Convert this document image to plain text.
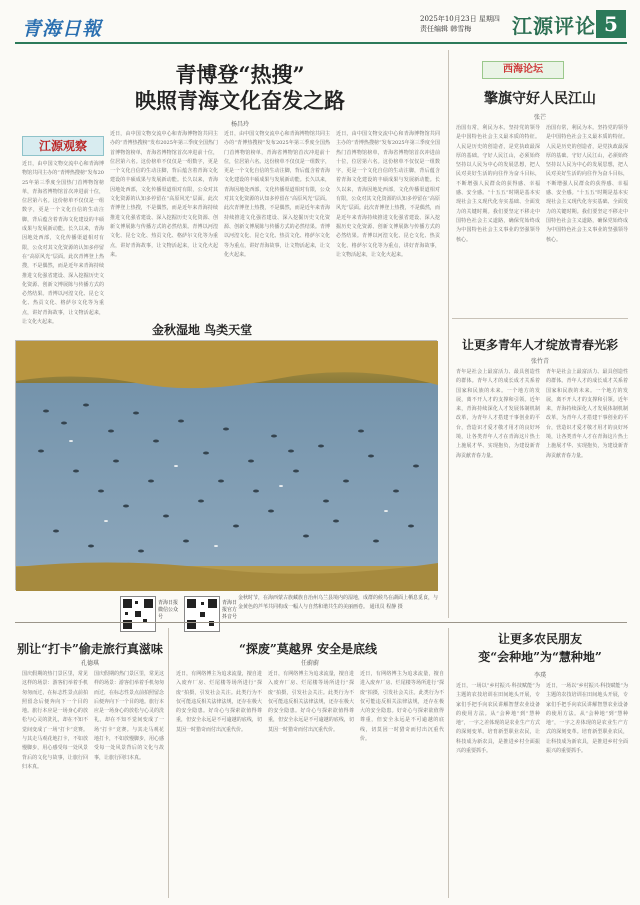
青海日報	2025年10月23日 星期四
责任编辑 韩雪梅	江源评论 5
青博登“热搜”
映照青海文化奋发之路
杨昌玲
江源观察
近日，由中国文物交流中心和青海博物馆共同主办的“青博热搜榜”发布2025年第三季度全国热门首博物馆榜单，青海省博物馆首次冲进前十位，位居第六名。这份榜单不仅仅是一组数字，更是一个文化自信的生动注脚，背后蕴含着青海文化建设的丰硕成果与发展新动能。长久以来，青海因地处西部，文化传播渠道相对有限，公众对其文化资源的认知多停留在“高原风光”层面。此次青博登上热搜，不是偶然，而是近年来青海持续推进文化强省建设、深入挖掘历史文化资源、创新文博展陈与传播方式的必然结果。青博以河湟文化、昆仑文化、热贡文化、格萨尔文化等为重点，讲好青海故事，让文物活起来，让文化火起来。
近日，由中国文物交流中心和青海博物馆共同主办的“青博热搜榜”发布2025年第三季度全国热门首博物馆榜单，青海省博物馆首次冲进前十位，位居第六名。这份榜单不仅仅是一组数字，更是一个文化自信的生动注脚，背后蕴含着青海文化建设的丰硕成果与发展新动能。长久以来，青海因地处西部，文化传播渠道相对有限，公众对其文化资源的认知多停留在“高原风光”层面。此次青博登上热搜，不是偶然，而是近年来青海持续推进文化强省建设、深入挖掘历史文化资源、创新文博展陈与传播方式的必然结果。青博以河湟文化、昆仑文化、热贡文化、格萨尔文化等为重点，讲好青海故事，让文物活起来，让文化火起来。
近日，由中国文物交流中心和青海博物馆共同主办的“青博热搜榜”发布2025年第三季度全国热门首博物馆榜单，青海省博物馆首次冲进前十位，位居第六名。这份榜单不仅仅是一组数字，更是一个文化自信的生动注脚，背后蕴含着青海文化建设的丰硕成果与发展新动能。长久以来，青海因地处西部，文化传播渠道相对有限，公众对其文化资源的认知多停留在“高原风光”层面。此次青博登上热搜，不是偶然，而是近年来青海持续推进文化强省建设、深入挖掘历史文化资源、创新文博展陈与传播方式的必然结果。青博以河湟文化、昆仑文化、热贡文化、格萨尔文化等为重点，讲好青海故事，让文物活起来，让文化火起来。
近日，由中国文物交流中心和青海博物馆共同主办的“青博热搜榜”发布2025年第三季度全国热门首博物馆榜单，青海省博物馆首次冲进前十位，位居第六名。这份榜单不仅仅是一组数字，更是一个文化自信的生动注脚，背后蕴含着青海文化建设的丰硕成果与发展新动能。长久以来，青海因地处西部，文化传播渠道相对有限，公众对其文化资源的认知多停留在“高原风光”层面。此次青博登上热搜，不是偶然，而是近年来青海持续推进文化强省建设、深入挖掘历史文化资源、创新文博展陈与传播方式的必然结果。青博以河湟文化、昆仑文化、热贡文化、格萨尔文化等为重点，讲好青海故事，让文物活起来，让文化火起来。
西海论坛
擎旗守好人民江山
张芒
治国有常，利民为本。坚持党的领导是中国特色社会主义最本质的特征。人民是历史的创造者，是党执政最深厚的基础。守好人民江山，必须始终坚持以人民为中心的发展思想，把人民对美好生活的向往作为奋斗目标，不断增强人民群众的获得感、幸福感、安全感。“十五五”时期是基本实现社会主义现代化夯实基础、全面发力的关键时期。我们要坚定不移走中国特色社会主义道路，确保党始终成为中国特色社会主义事业的坚强领导核心。
治国有常，利民为本。坚持党的领导是中国特色社会主义最本质的特征。人民是历史的创造者，是党执政最深厚的基础。守好人民江山，必须始终坚持以人民为中心的发展思想，把人民对美好生活的向往作为奋斗目标，不断增强人民群众的获得感、幸福感、安全感。“十五五”时期是基本实现社会主义现代化夯实基础、全面发力的关键时期。我们要坚定不移走中国特色社会主义道路，确保党始终成为中国特色社会主义事业的坚强领导核心。
金秋湿地 鸟类天堂
金秋时节，在海西蒙古族藏族自治州乌兰县境内的湿地，成群的候鸟在湖面上栖息觅食，与金黄色的芦苇共同构成一幅人与自然和谐共生的美丽画卷。 通讯员 程静 摄
青海日报微信公众号
青海日报官方抖音号
让更多青年人才绽放青春光彩
张竹青
青年是社会上最富活力、最具创造性的群体。青年人才的成长成才关系着国家和民族的未来。一个地方的发展，离不开人才的支撑和引领。近年来，青海持续深化人才发展体制机制改革，为青年人才搭建干事创业的平台，营造识才爱才敬才用才的良好环境，让各类青年人才在青海这片热土上施展才华、实现抱负，为建设新青海贡献青春力量。
青年是社会上最富活力、最具创造性的群体。青年人才的成长成才关系着国家和民族的未来。一个地方的发展，离不开人才的支撑和引领。近年来，青海持续深化人才发展体制机制改革，为青年人才搭建干事创业的平台，营造识才爱才敬才用才的良好环境，让各类青年人才在青海这片热土上施展才华、实现抱负，为建设新青海贡献青春力量。
别让“打卡”偷走旅行真滋味
孔德琪
国庆假期的热门景区里，常见这样的场景：游客们举着手机匆匆而过，在标志性景点前拍照留念后便奔向下一个目的地。旅行本应是一场身心的放松与心灵的洗礼，却在不知不觉间变成了一场“打卡”竞赛。与其走马观花地打卡，不如放慢脚步，用心感受每一处风景背后的文化与故事，让旅行回归本真。
国庆假期的热门景区里，常见这样的场景：游客们举着手机匆匆而过，在标志性景点前拍照留念后便奔向下一个目的地。旅行本应是一场身心的放松与心灵的洗礼，却在不知不觉间变成了一场“打卡”竞赛。与其走马观花地打卡，不如放慢脚步，用心感受每一处风景背后的文化与故事，让旅行回归本真。
“探废”莫越界 安全是底线
任蔚蔚
近日，有网络博主为追求流量，擅自进入废弃厂房、烂尾楼等场所进行“探废”拍摄，引发社会关注。此类行为不仅可能违反相关法律法规，还存在极大的安全隐患。好奇心与探索欲值得尊重，但安全永远是不可逾越的底线，切莫因一时猎奇而付出沉重代价。
近日，有网络博主为追求流量，擅自进入废弃厂房、烂尾楼等场所进行“探废”拍摄，引发社会关注。此类行为不仅可能违反相关法律法规，还存在极大的安全隐患。好奇心与探索欲值得尊重，但安全永远是不可逾越的底线，切莫因一时猎奇而付出沉重代价。
近日，有网络博主为追求流量，擅自进入废弃厂房、烂尾楼等场所进行“探废”拍摄，引发社会关注。此类行为不仅可能违反相关法律法规，还存在极大的安全隐患。好奇心与探索欲值得尊重，但安全永远是不可逾越的底线，切莫因一时猎奇而付出沉重代价。
让更多农民朋友
变“会种地”为“慧种地”
李璞
近日，一场以“乡村振兴·科技赋能”为主题的农技培训在田间地头开展，专家们手把手向农民讲解智慧农业设备的使用方法。从“会种地”到“慧种地”，一字之差体现的是农业生产方式的深刻变革。培育新型职业农民，让科技成为新农具，是推进乡村全面振兴的重要抓手。
近日，一场以“乡村振兴·科技赋能”为主题的农技培训在田间地头开展，专家们手把手向农民讲解智慧农业设备的使用方法。从“会种地”到“慧种地”，一字之差体现的是农业生产方式的深刻变革。培育新型职业农民，让科技成为新农具，是推进乡村全面振兴的重要抓手。
